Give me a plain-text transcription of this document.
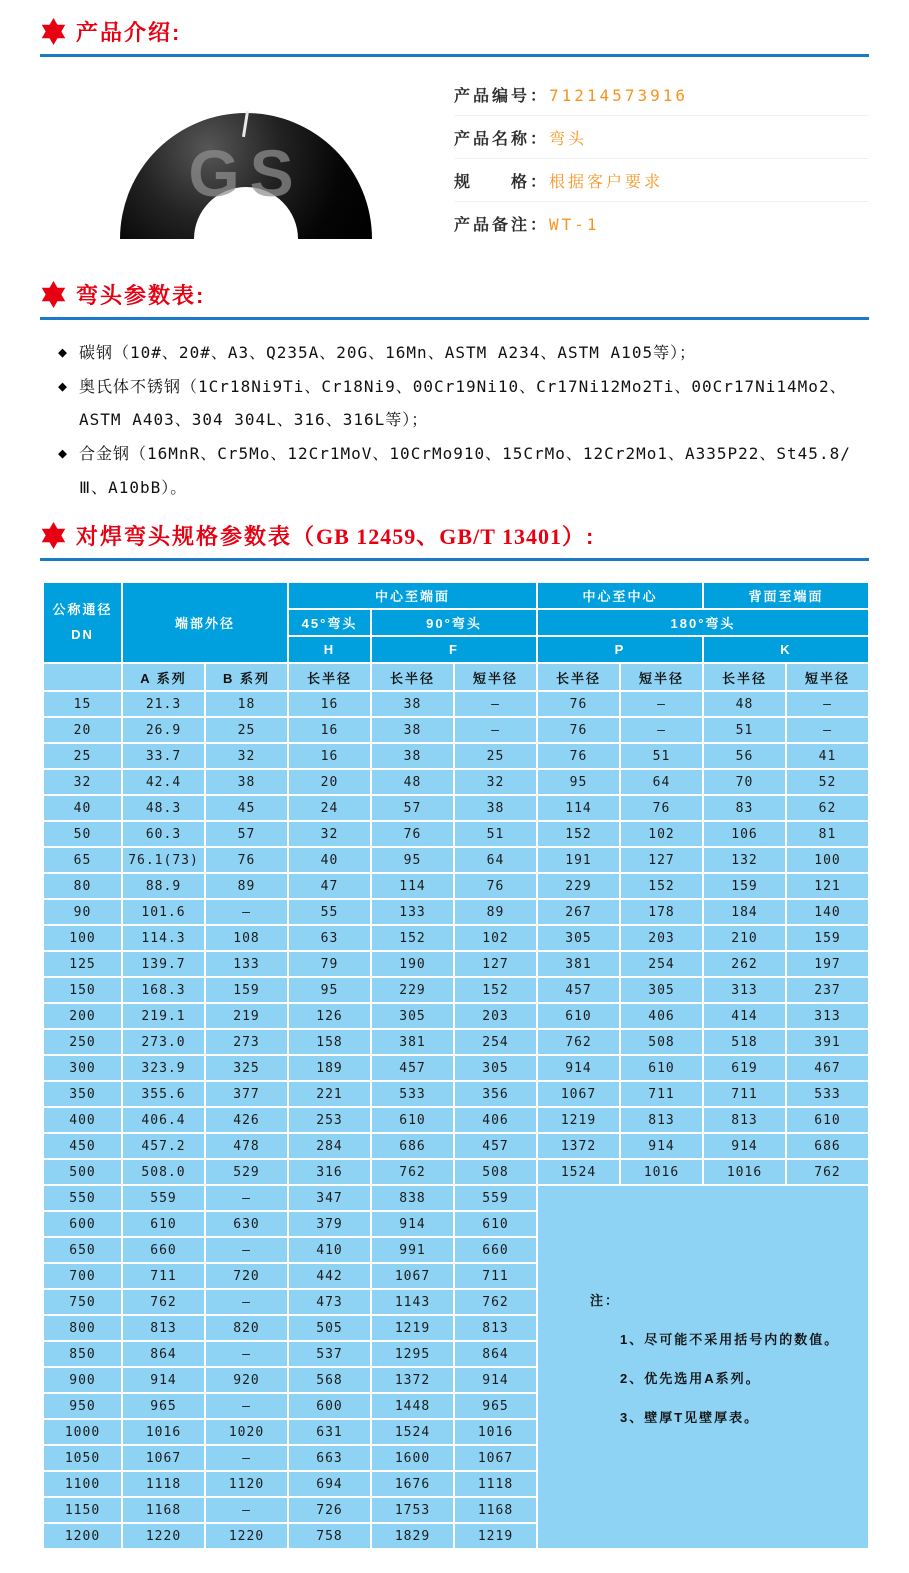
产品介绍:
GS
产品编号： 71214573916
产品名称： 弯头
规　　格： 根据客户要求
产品备注： WT-1
弯头参数表:
◆ 碳钢（10#、20#、A3、Q235A、20G、16Mn、ASTM A234、ASTM A105等）；
◆ 奥氏体不锈钢（1Cr18Ni9Ti、Cr18Ni9、00Cr19Ni10、Cr17Ni12Mo2Ti、00Cr17Ni14Mo2、ASTM A403、304 304L、316、316L等）；
◆ 合金钢（16MnR、Cr5Mo、12Cr1MoV、10CrMo910、15CrMo、12Cr2Mo1、A335P22、St45.8/Ⅲ、A10bB）。
对焊弯头规格参数表（GB 12459、GB/T 13401）:
公称通径
DN	端部外径		中心至端面			中心至中心		背面至端面	
			45°弯头	90°弯头		180°弯头			
			H	F		P		K	
	A 系列	B 系列	长半径	长半径	短半径	长半径	短半径	长半径	短半径
15	21.3	18	16	38	—	76	—	48	—
20	26.9	25	16	38	—	76	—	51	—
25	33.7	32	16	38	25	76	51	56	41
32	42.4	38	20	48	32	95	64	70	52
40	48.3	45	24	57	38	114	76	83	62
50	60.3	57	32	76	51	152	102	106	81
65	76.1(73)	76	40	95	64	191	127	132	100
80	88.9	89	47	114	76	229	152	159	121
90	101.6	—	55	133	89	267	178	184	140
100	114.3	108	63	152	102	305	203	210	159
125	139.7	133	79	190	127	381	254	262	197
150	168.3	159	95	229	152	457	305	313	237
200	219.1	219	126	305	203	610	406	414	313
250	273.0	273	158	381	254	762	508	518	391
300	323.9	325	189	457	305	914	610	619	467
350	355.6	377	221	533	356	1067	711	711	533
400	406.4	426	253	610	406	1219	813	813	610
450	457.2	478	284	686	457	1372	914	914	686
500	508.0	529	316	762	508	1524	1016	1016	762
550	559	—	347	838	559	注：
1、尽可能不采用括号内的数值。
2、优先选用A系列。
3、壁厚T见壁厚表。			

600	610	630	379	914	610				
650	660	—	410	991	660				
700	711	720	442	1067	711				
750	762	—	473	1143	762				
800	813	820	505	1219	813				
850	864	—	537	1295	864				
900	914	920	568	1372	914				
950	965	—	600	1448	965				
1000	1016	1020	631	1524	1016				
1050	1067	—	663	1600	1067				
1100	1118	1120	694	1676	1118				
1150	1168	—	726	1753	1168				
1200	1220	1220	758	1829	1219				
